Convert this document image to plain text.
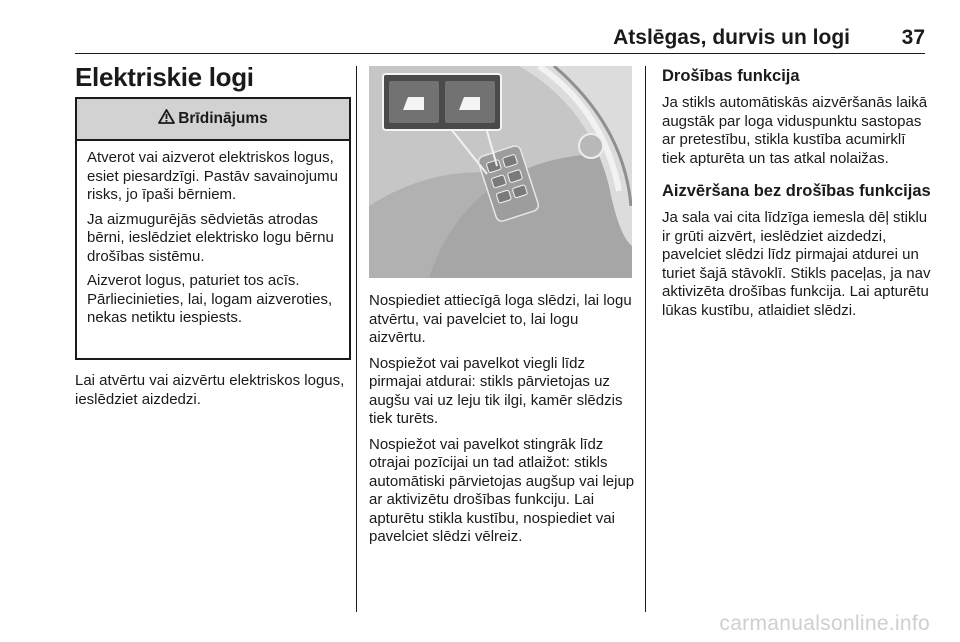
Atslēgas, durvis un logi 37
Elektriskie logi
Brīdinājums

Atverot vai aizverot elektriskos logus, esiet piesardzīgi. Pastāv savainojumu risks, jo īpaši bērniem.

Ja aizmugurējās sēdvietās atrodas bērni, ieslēdziet elektrisko logu bērnu drošības sistēmu.

Aizverot logus, paturiet tos acīs. Pārliecinieties, lai, logam aizveroties, nekas netiktu iespiests.

Lai atvērtu vai aizvērtu elektriskos logus, ieslēdziet aizdedzi.

Nospiediet attiecīgā loga slēdzi, lai logu atvērtu, vai pavelciet to, lai logu aizvērtu.

Nospiežot vai pavelkot viegli līdz pirmajai atdurai: stikls pārvietojas uz augšu vai uz leju tik ilgi, kamēr slēdzis tiek turēts.

Nospiežot vai pavelkot stingrāk līdz otrajai pozīcijai un tad atlaižot: stikls automātiski pārvietojas augšup vai lejup ar aktivizētu drošības funkciju. Lai apturētu stikla kustību, nospiediet vai pavelciet slēdzi vēlreiz.

Drošības funkcija

Ja stikls automātiskās aizvēršanās laikā augstāk par loga viduspunktu sastopas ar pretestību, stikla kustība acumirklī tiek apturēta un tas atkal nolaižas.

Aizvēršana bez drošības funkcijas

Ja sala vai cita līdzīga iemesla dēļ stiklu ir grūti aizvērt, ieslēdziet aizdedzi, pavelciet slēdzi līdz pirmajai atdurei un turiet šajā stāvoklī. Stikls paceļas, ja nav aktivizēta drošības funkcija. Lai apturētu lūkas kustību, atlaidiet slēdzi.

carmanualsonline.info
